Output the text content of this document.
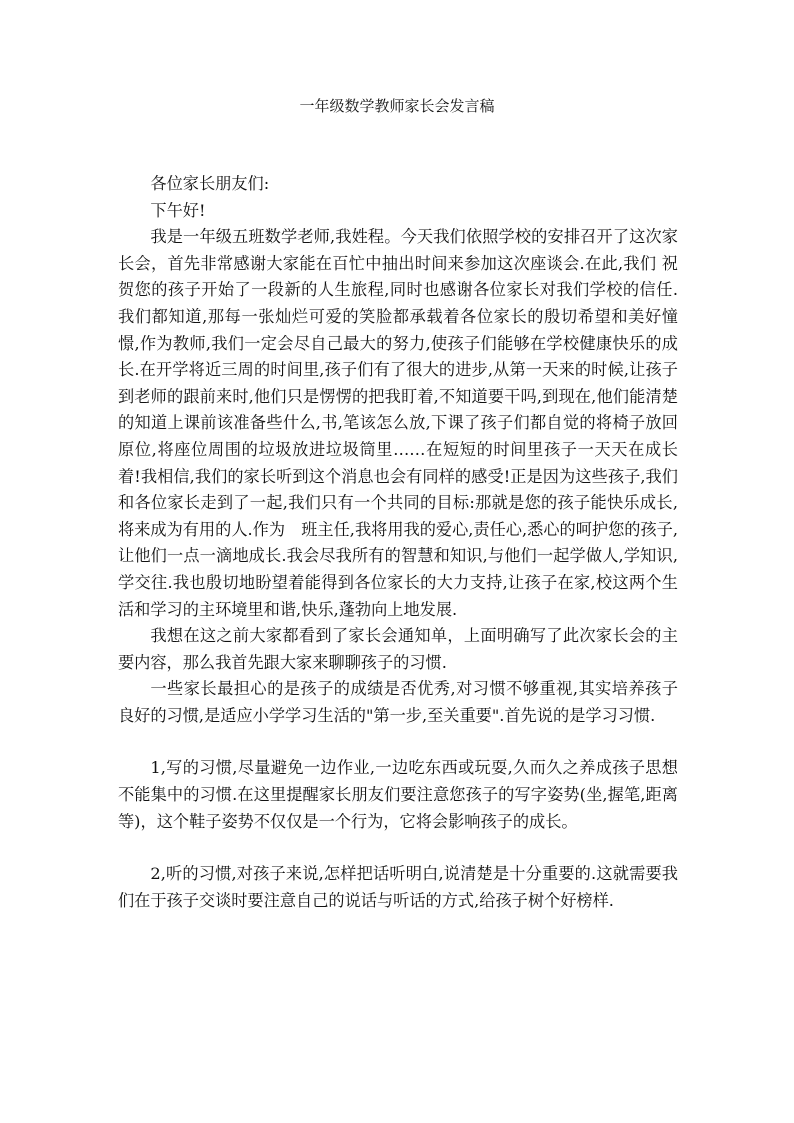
一年级数学教师家长会发言稿

各位家长朋友们:

下午好!

我是一年级五班数学老师,我姓程。今天我们依照学校的安排召开了这次家长会，首先非常感谢大家能在百忙中抽出时间来参加这次座谈会.在此,我们 祝贺您的孩子开始了一段新的人生旅程,同时也感谢各位家长对我们学校的信任.我们都知道,那每一张灿烂可爱的笑脸都承载着各位家长的殷切希望和美好憧憬,作为教师,我们一定会尽自己最大的努力,使孩子们能够在学校健康快乐的成长.在开学将近三周的时间里,孩子们有了很大的进步,从第一天来的时候,让孩子到老师的跟前来时,他们只是愣愣的把我盯着,不知道要干吗,到现在,他们能清楚的知道上课前该准备些什么,书,笔该怎么放,下课了孩子们都自觉的将椅子放回原位,将座位周围的垃圾放进垃圾筒里……在短短的时间里孩子一天天在成长着!我相信,我们的家长听到这个消息也会有同样的感受!正是因为这些孩子,我们和各位家长走到了一起,我们只有一个共同的目标:那就是您的孩子能快乐成长,将来成为有用的人.作为　班主任,我将用我的爱心,责任心,悉心的呵护您的孩子,让他们一点一滴地成长.我会尽我所有的智慧和知识,与他们一起学做人,学知识,学交往.我也殷切地盼望着能得到各位家长的大力支持,让孩子在家,校这两个生活和学习的主环境里和谐,快乐,蓬勃向上地发展.

我想在这之前大家都看到了家长会通知单，上面明确写了此次家长会的主要内容，那么我首先跟大家来聊聊孩子的习惯.

一些家长最担心的是孩子的成绩是否优秀,对习惯不够重视,其实培养孩子良好的习惯,是适应小学学习生活的"第一步,至关重要".首先说的是学习习惯.

1,写的习惯,尽量避免一边作业,一边吃东西或玩耍,久而久之养成孩子思想不能集中的习惯.在这里提醒家长朋友们要注意您孩子的写字姿势(坐,握笔,距离等)，这个鞋子姿势不仅仅是一个行为，它将会影响孩子的成长。

2,听的习惯,对孩子来说,怎样把话听明白,说清楚是十分重要的.这就需要我们在于孩子交谈时要注意自己的说话与听话的方式,给孩子树个好榜样.
